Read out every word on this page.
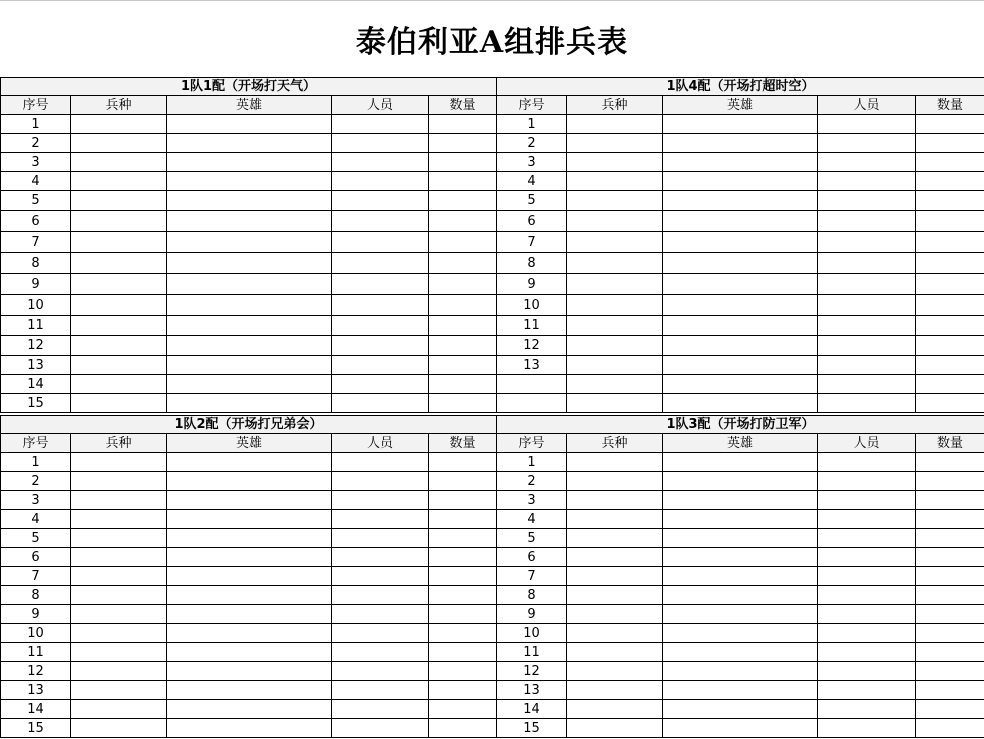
泰伯利亚A组排兵表
1队1配（开场打天气）				
序号	兵种	英雄	人员	数量
1				
2				
3				
4				
5				
6				
7				
8				
9				
10				
11				
12				
13				
14				
15				
1队4配（开场打超时空）				
序号	兵种	英雄	人员	数量
1				
2				
3				
4				
5				
6				
7				
8				
9				
10				
11				
12				
13				

1队2配（开场打兄弟会）				
序号	兵种	英雄	人员	数量
1				
2				
3				
4				
5				
6				
7				
8				
9				
10				
11				
12				
13				
14				
15				
1队3配（开场打防卫军）				
序号	兵种	英雄	人员	数量
1				
2				
3				
4				
5				
6				
7				
8				
9				
10				
11				
12				
13				
14				
15				
